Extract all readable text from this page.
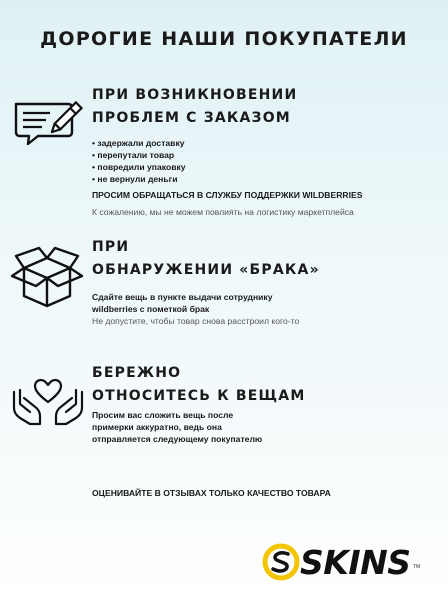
ДОРОГИЕ НАШИ ПОКУПАТЕЛИ
ПРИ ВОЗНИКНОВЕНИИ
ПРОБЛЕМ С ЗАКАЗОМ
• задержали доставку
• перепутали товар
• повредили упаковку
• не вернули деньги
ПРОСИМ ОБРАЩАТЬСЯ В СЛУЖБУ ПОДДЕРЖКИ WILDBERRIES
К сожалению, мы не можем повлиять на логистику маркетплейса
ПРИ
ОБНАРУЖЕНИИ «БРАКА»
Сдайте вещь в пункте выдачи сотруднику
wildberries с пометкой брак
Не допустите, чтобы товар снова расстроил кого-то
БЕРЕЖНО
ОТНОСИТЕСЬ К ВЕЩАМ
Просим вас сложить вещь после
примерки аккуратно, ведь она
отправляется следующему покупателю
ОЦЕНИВАЙТЕ В ОТЗЫВАХ ТОЛЬКО КАЧЕСТВО ТОВАРА
SKINS TM
